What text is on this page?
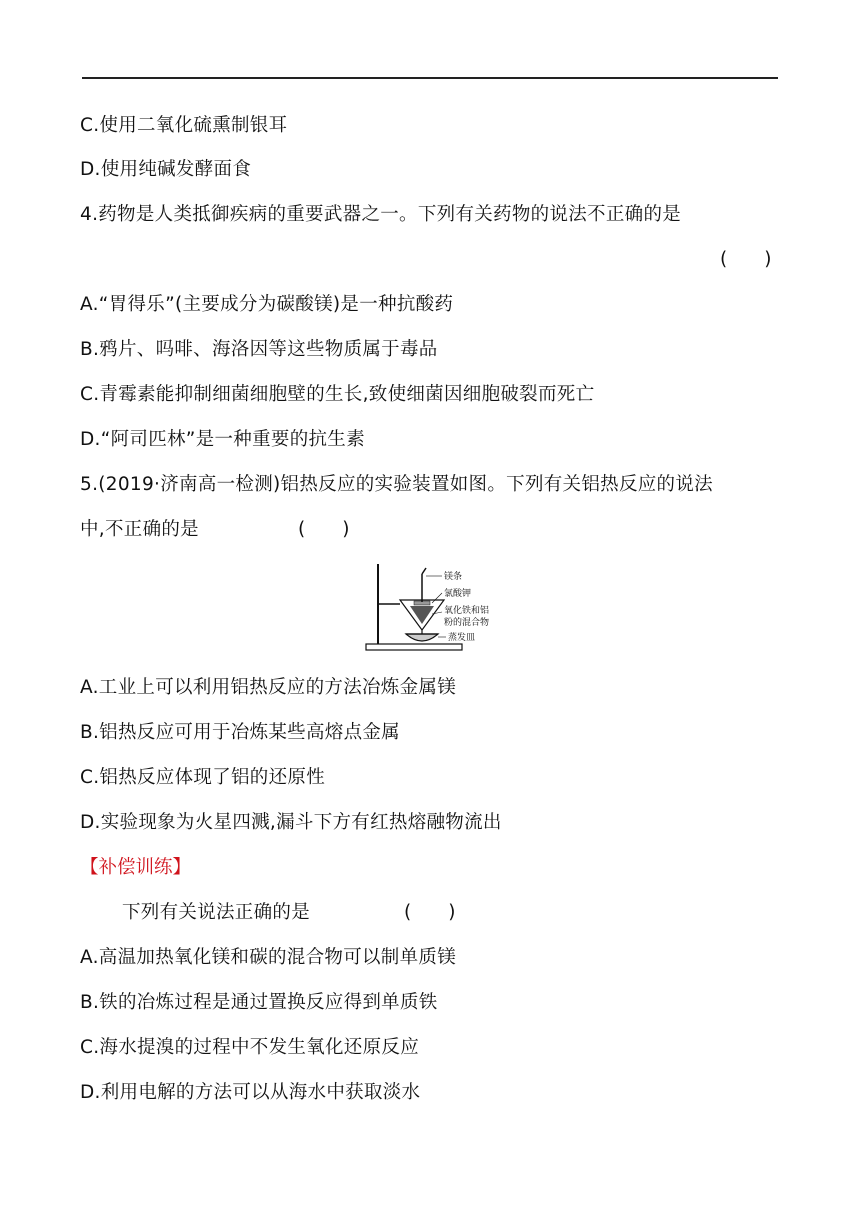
C.使用二氧化硫熏制银耳
D.使用纯碱发酵面食
4.药物是人类抵御疾病的重要武器之一。下列有关药物的说法不正确的是
(　　)
A.“胃得乐”(主要成分为碳酸镁)是一种抗酸药
B.鸦片、吗啡、海洛因等这些物质属于毒品
C.青霉素能抑制细菌细胞壁的生长,致使细菌因细胞破裂而死亡
D.“阿司匹林”是一种重要的抗生素
5.(2019·济南高一检测)铝热反应的实验装置如图。下列有关铝热反应的说法
中,不正确的是	(　　)
镁条
氯酸钾
氧化铁和铝
粉的混合物
蒸发皿
A.工业上可以利用铝热反应的方法冶炼金属镁
B.铝热反应可用于冶炼某些高熔点金属
C.铝热反应体现了铝的还原性
D.实验现象为火星四溅,漏斗下方有红热熔融物流出
【补偿训练】
下列有关说法正确的是	(　　)
A.高温加热氧化镁和碳的混合物可以制单质镁
B.铁的冶炼过程是通过置换反应得到单质铁
C.海水提溴的过程中不发生氧化还原反应
D.利用电解的方法可以从海水中获取淡水
